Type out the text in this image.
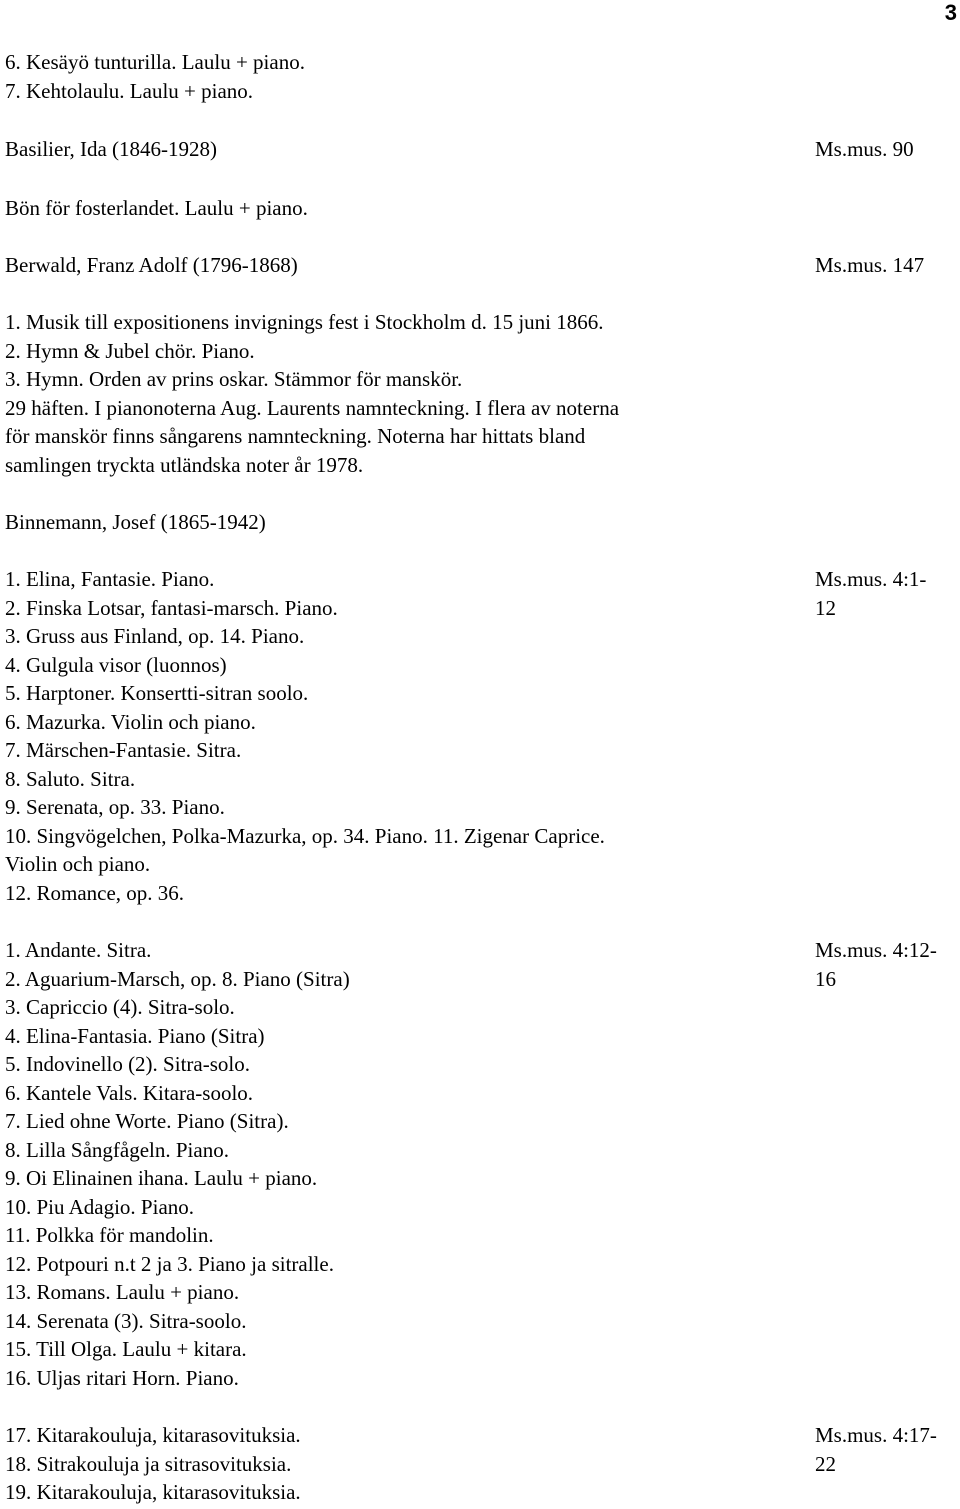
3
6. Kesäyö tunturilla. Laulu + piano.
7. Kehtolaulu. Laulu + piano.
Basilier, Ida (1846-1928)	Ms.mus. 90
Bön för fosterlandet. Laulu + piano.
Berwald, Franz Adolf (1796-1868)	Ms.mus. 147
1. Musik till expositionens invignings fest i Stockholm d. 15 juni 1866.
2. Hymn & Jubel chör. Piano.
3. Hymn. Orden av prins oskar. Stämmor för manskör.
29 häften. I pianonoterna Aug. Laurents namnteckning. I flera av noterna
för manskör finns sångarens namnteckning. Noterna har hittats bland
samlingen tryckta utländska noter år 1978.
Binnemann, Josef (1865-1942)
Ms.mus. 4:1-
12
1. Elina, Fantasie. Piano.
2. Finska Lotsar, fantasi-marsch. Piano.
3. Gruss aus Finland, op. 14. Piano.
4. Gulgula visor (luonnos)
5. Harptoner. Konsertti-sitran soolo.
6. Mazurka. Violin och piano.
7. Märschen-Fantasie. Sitra.
8. Saluto. Sitra.
9. Serenata, op. 33. Piano.
10. Singvögelchen, Polka-Mazurka, op. 34. Piano. 11. Zigenar Caprice.
Violin och piano.
12. Romance, op. 36.
Ms.mus. 4:12-
16
1. Andante. Sitra.
2. Aguarium-Marsch, op. 8. Piano (Sitra)
3. Capriccio (4). Sitra-solo.
4. Elina-Fantasia. Piano (Sitra)
5. Indovinello (2). Sitra-solo.
6. Kantele Vals. Kitara-soolo.
7. Lied ohne Worte. Piano (Sitra).
8. Lilla Sångfågeln. Piano.
9. Oi Elinainen ihana. Laulu + piano.
10. Piu Adagio. Piano.
11. Polkka för mandolin.
12. Potpouri n.t 2 ja 3. Piano ja sitralle.
13. Romans. Laulu + piano.
14. Serenata (3). Sitra-soolo.
15. Till Olga. Laulu + kitara.
16. Uljas ritari Horn. Piano.
Ms.mus. 4:17-
22
17. Kitarakouluja, kitarasovituksia.
18. Sitrakouluja ja sitrasovituksia.
19. Kitarakouluja, kitarasovituksia.
